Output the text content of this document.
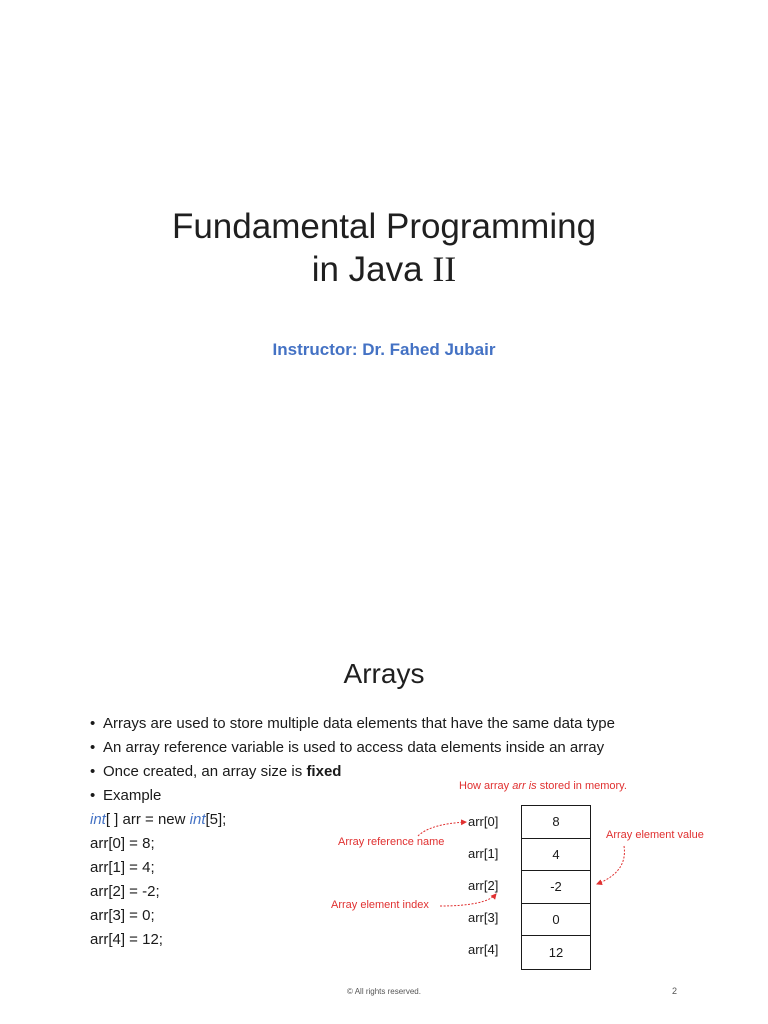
Fundamental Programming
in Java II
Instructor: Dr. Fahed Jubair
Arrays
• Arrays are used to store multiple data elements that have the same data type
• An array reference variable is used to access data elements inside an array
• Once created, an array size is fixed
• Example
int[ ] arr = new int[5];
arr[0] = 8;
arr[1] = 4;
arr[2] = -2;
arr[3] = 0;
arr[4] = 12;
How array arr is stored in memory.
Array reference name
Array element value
Array element index
arr[0]
arr[1]
arr[2]
arr[3]
arr[4]
8
4
-2
0
12
© All rights reserved.	2
